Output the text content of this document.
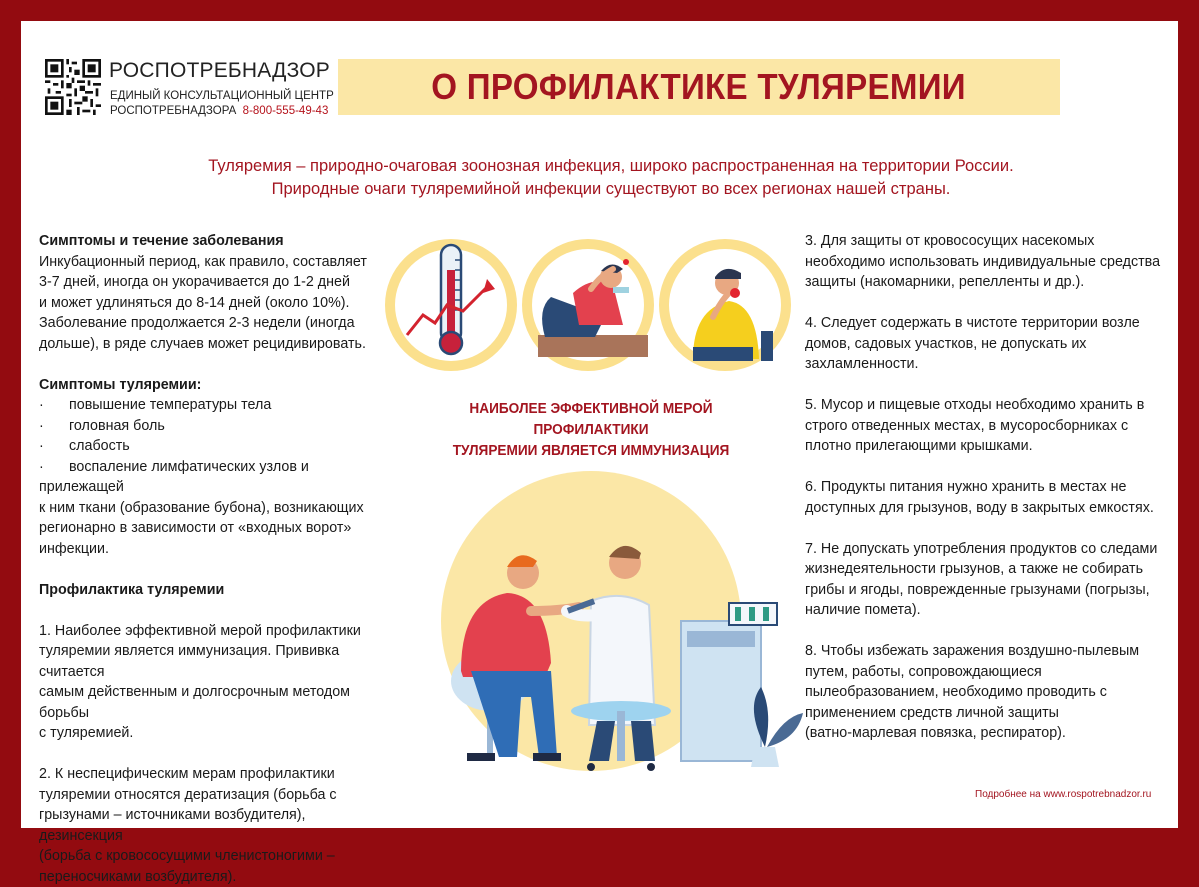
РОСПОТРЕБНАДЗОР
ЕДИНЫЙ КОНСУЛЬТАЦИОННЫЙ ЦЕНТР
РОСПОТРЕБНАДЗОРА 8-800-555-49-43
О ПРОФИЛАКТИКЕ ТУЛЯРЕМИИ
Туляремия – природно-очаговая зоонозная инфекция, широко распространенная на территории России.
Природные очаги туляремийной инфекции существуют во всех регионах нашей страны.
Симптомы и течение заболевания

Инкубационный период, как правило, составляет

3-7 дней, иногда он укорачивается до 1-2 дней

и может удлиняться до 8-14 дней (около 10%).

Заболевание продолжается 2-3 недели (иногда

дольше), в ряде случаев может рецидивировать.

Симптомы туляремии:

· повышение температуры тела

· головная боль

· слабость

· воспаление лимфатических узлов и прилежащей

к ним ткани (образование бубона), возникающих

регионарно в зависимости от «входных ворот»

инфекции.

Профилактика туляремии

1. Наиболее эффективной мерой профилактики

туляремии является иммунизация. Прививка считается

самым действенным и долгосрочным методом борьбы

с туляремией.

2. К неспецифическим мерам профилактики

туляремии относятся дератизация (борьба с

грызунами – источниками возбудителя), дезинсекция

(борьба с кровососущими членистоногими –

переносчиками возбудителя).

НАИБОЛЕЕ ЭФФЕКТИВНОЙ МЕРОЙ ПРОФИЛАКТИКИ
ТУЛЯРЕМИИ ЯВЛЯЕТСЯ ИММУНИЗАЦИЯ

3. Для защиты от кровососущих насекомых
необходимо использовать индивидуальные средства
защиты (накомарники, репелленты и др.).

4. Следует содержать в чистоте территории возле
домов, садовых участков, не допускать их
захламленности.

5. Мусор и пищевые отходы необходимо хранить в
строго отведенных местах, в мусоросборниках с
плотно прилегающими крышками.

6. Продукты питания нужно хранить в местах не
доступных для грызунов, воду в закрытых емкостях.

7. Не допускать употребления продуктов со следами
жизнедеятельности грызунов, а также не собирать
грибы и ягоды, поврежденные грызунами (погрызы,
наличие помета).

8. Чтобы избежать заражения воздушно-пылевым
путем, работы, сопровождающиеся
пылеобразованием, необходимо проводить с
применением средств личной защиты
(ватно-марлевая повязка, респиратор).

Подробнее на www.rospotrebnadzor.ru
